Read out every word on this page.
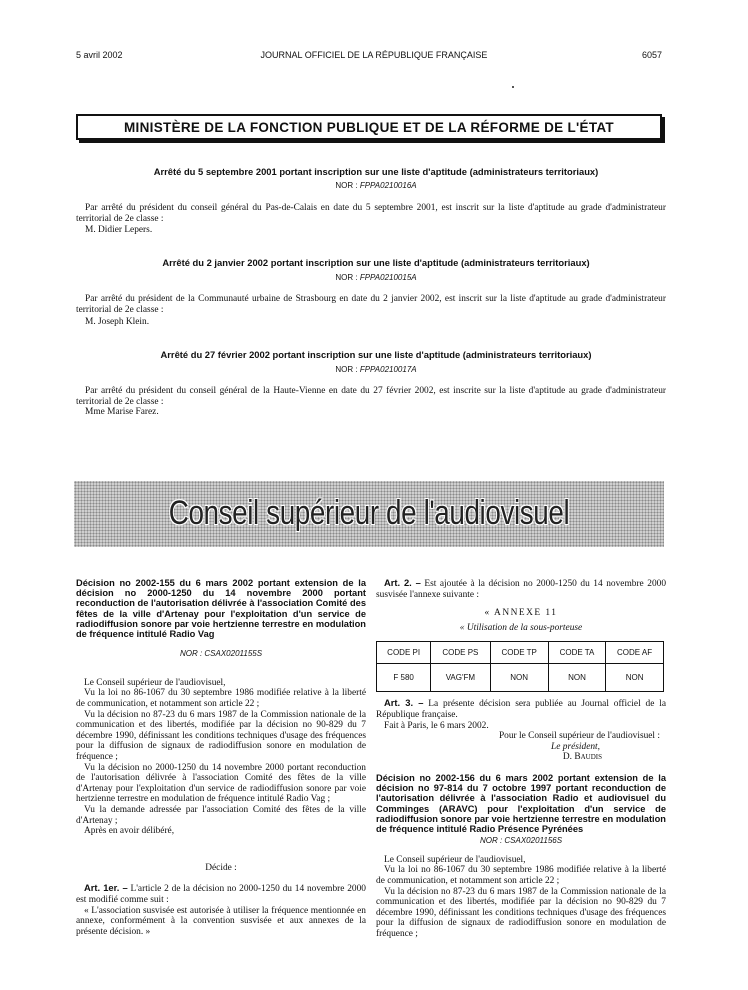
5 avril 2002	JOURNAL OFFICIEL DE LA RÉPUBLIQUE FRANÇAISE	6057
MINISTÈRE DE LA FONCTION PUBLIQUE ET DE LA RÉFORME DE L'ÉTAT
Arrêté du 5 septembre 2001 portant inscription sur une liste d'aptitude (administrateurs territoriaux)
NOR : FPPA0210016A

Par arrêté du président du conseil général du Pas-de-Calais en date du 5 septembre 2001, est inscrit sur la liste d'aptitude au grade d'administrateur territorial de 2e classe :

M. Didier Lepers.
Arrêté du 2 janvier 2002 portant inscription sur une liste d'aptitude (administrateurs territoriaux)
NOR : FPPA0210015A

Par arrêté du président de la Communauté urbaine de Strasbourg en date du 2 janvier 2002, est inscrit sur la liste d'aptitude au grade d'administrateur territorial de 2e classe :

M. Joseph Klein.
Arrêté du 27 février 2002 portant inscription sur une liste d'aptitude (administrateurs territoriaux)
NOR : FPPA0210017A

Par arrêté du président du conseil général de la Haute-Vienne en date du 27 février 2002, est inscrite sur la liste d'aptitude au grade d'administrateur territorial de 2e classe :

Mme Marise Farez.
Conseil supérieur de l'audiovisuel
Décision no 2002-155 du 6 mars 2002 portant extension de la décision no 2000-1250 du 14 novembre 2000 portant reconduction de l'autorisation délivrée à l'association Comité des fêtes de la ville d'Artenay pour l'exploitation d'un service de radiodiffusion sonore par voie hertzienne terrestre en modulation de fréquence intitulé Radio Vag
NOR : CSAX0201155S

Le Conseil supérieur de l'audiovisuel,

Vu la loi no 86-1067 du 30 septembre 1986 modifiée relative à la liberté de communication, et notamment son article 22 ;

Vu la décision no 87-23 du 6 mars 1987 de la Commission nationale de la communication et des libertés, modifiée par la décision no 90-829 du 7 décembre 1990, définissant les conditions techniques d'usage des fréquences pour la diffusion de signaux de radiodiffusion sonore en modulation de fréquence ;

Vu la décision no 2000-1250 du 14 novembre 2000 portant reconduction de l'autorisation délivrée à l'association Comité des fêtes de la ville d'Artenay pour l'exploitation d'un service de radiodiffusion sonore par voie hertzienne terrestre en modulation de fréquence intitulé Radio Vag ;

Vu la demande adressée par l'association Comité des fêtes de la ville d'Artenay ;

Après en avoir délibéré,

Décide :

Art. 1er. – L'article 2 de la décision no 2000-1250 du 14 novembre 2000 est modifié comme suit :

« L'association susvisée est autorisée à utiliser la fréquence mentionnée en annexe, conformément à la convention susvisée et aux annexes de la présente décision. »

Art. 2. – Est ajoutée à la décision no 2000-1250 du 14 novembre 2000 susvisée l'annexe suivante :

« ANNEXE 11
« Utilisation de la sous-porteuse
CODE PI	CODE PS	CODE TP	CODE TA	CODE AF
F 580	VAG'FM	NON	NON	NON

Art. 3. – La présente décision sera publiée au Journal officiel de la République française.

Fait à Paris, le 6 mars 2002.

Pour le Conseil supérieur de l'audiovisuel :
Le président,
D. Baudis
Décision no 2002-156 du 6 mars 2002 portant extension de la décision no 97-814 du 7 octobre 1997 portant reconduction de l'autorisation délivrée à l'association Radio et audiovisuel du Comminges (ARAVC) pour l'exploitation d'un service de radiodiffusion sonore par voie hertzienne terrestre en modulation de fréquence intitulé Radio Présence Pyrénées
NOR : CSAX0201156S

Le Conseil supérieur de l'audiovisuel,

Vu la loi no 86-1067 du 30 septembre 1986 modifiée relative à la liberté de communication, et notamment son article 22 ;

Vu la décision no 87-23 du 6 mars 1987 de la Commission nationale de la communication et des libertés, modifiée par la décision no 90-829 du 7 décembre 1990, définissant les conditions techniques d'usage des fréquences pour la diffusion de signaux de radiodiffusion sonore en modulation de fréquence ;
